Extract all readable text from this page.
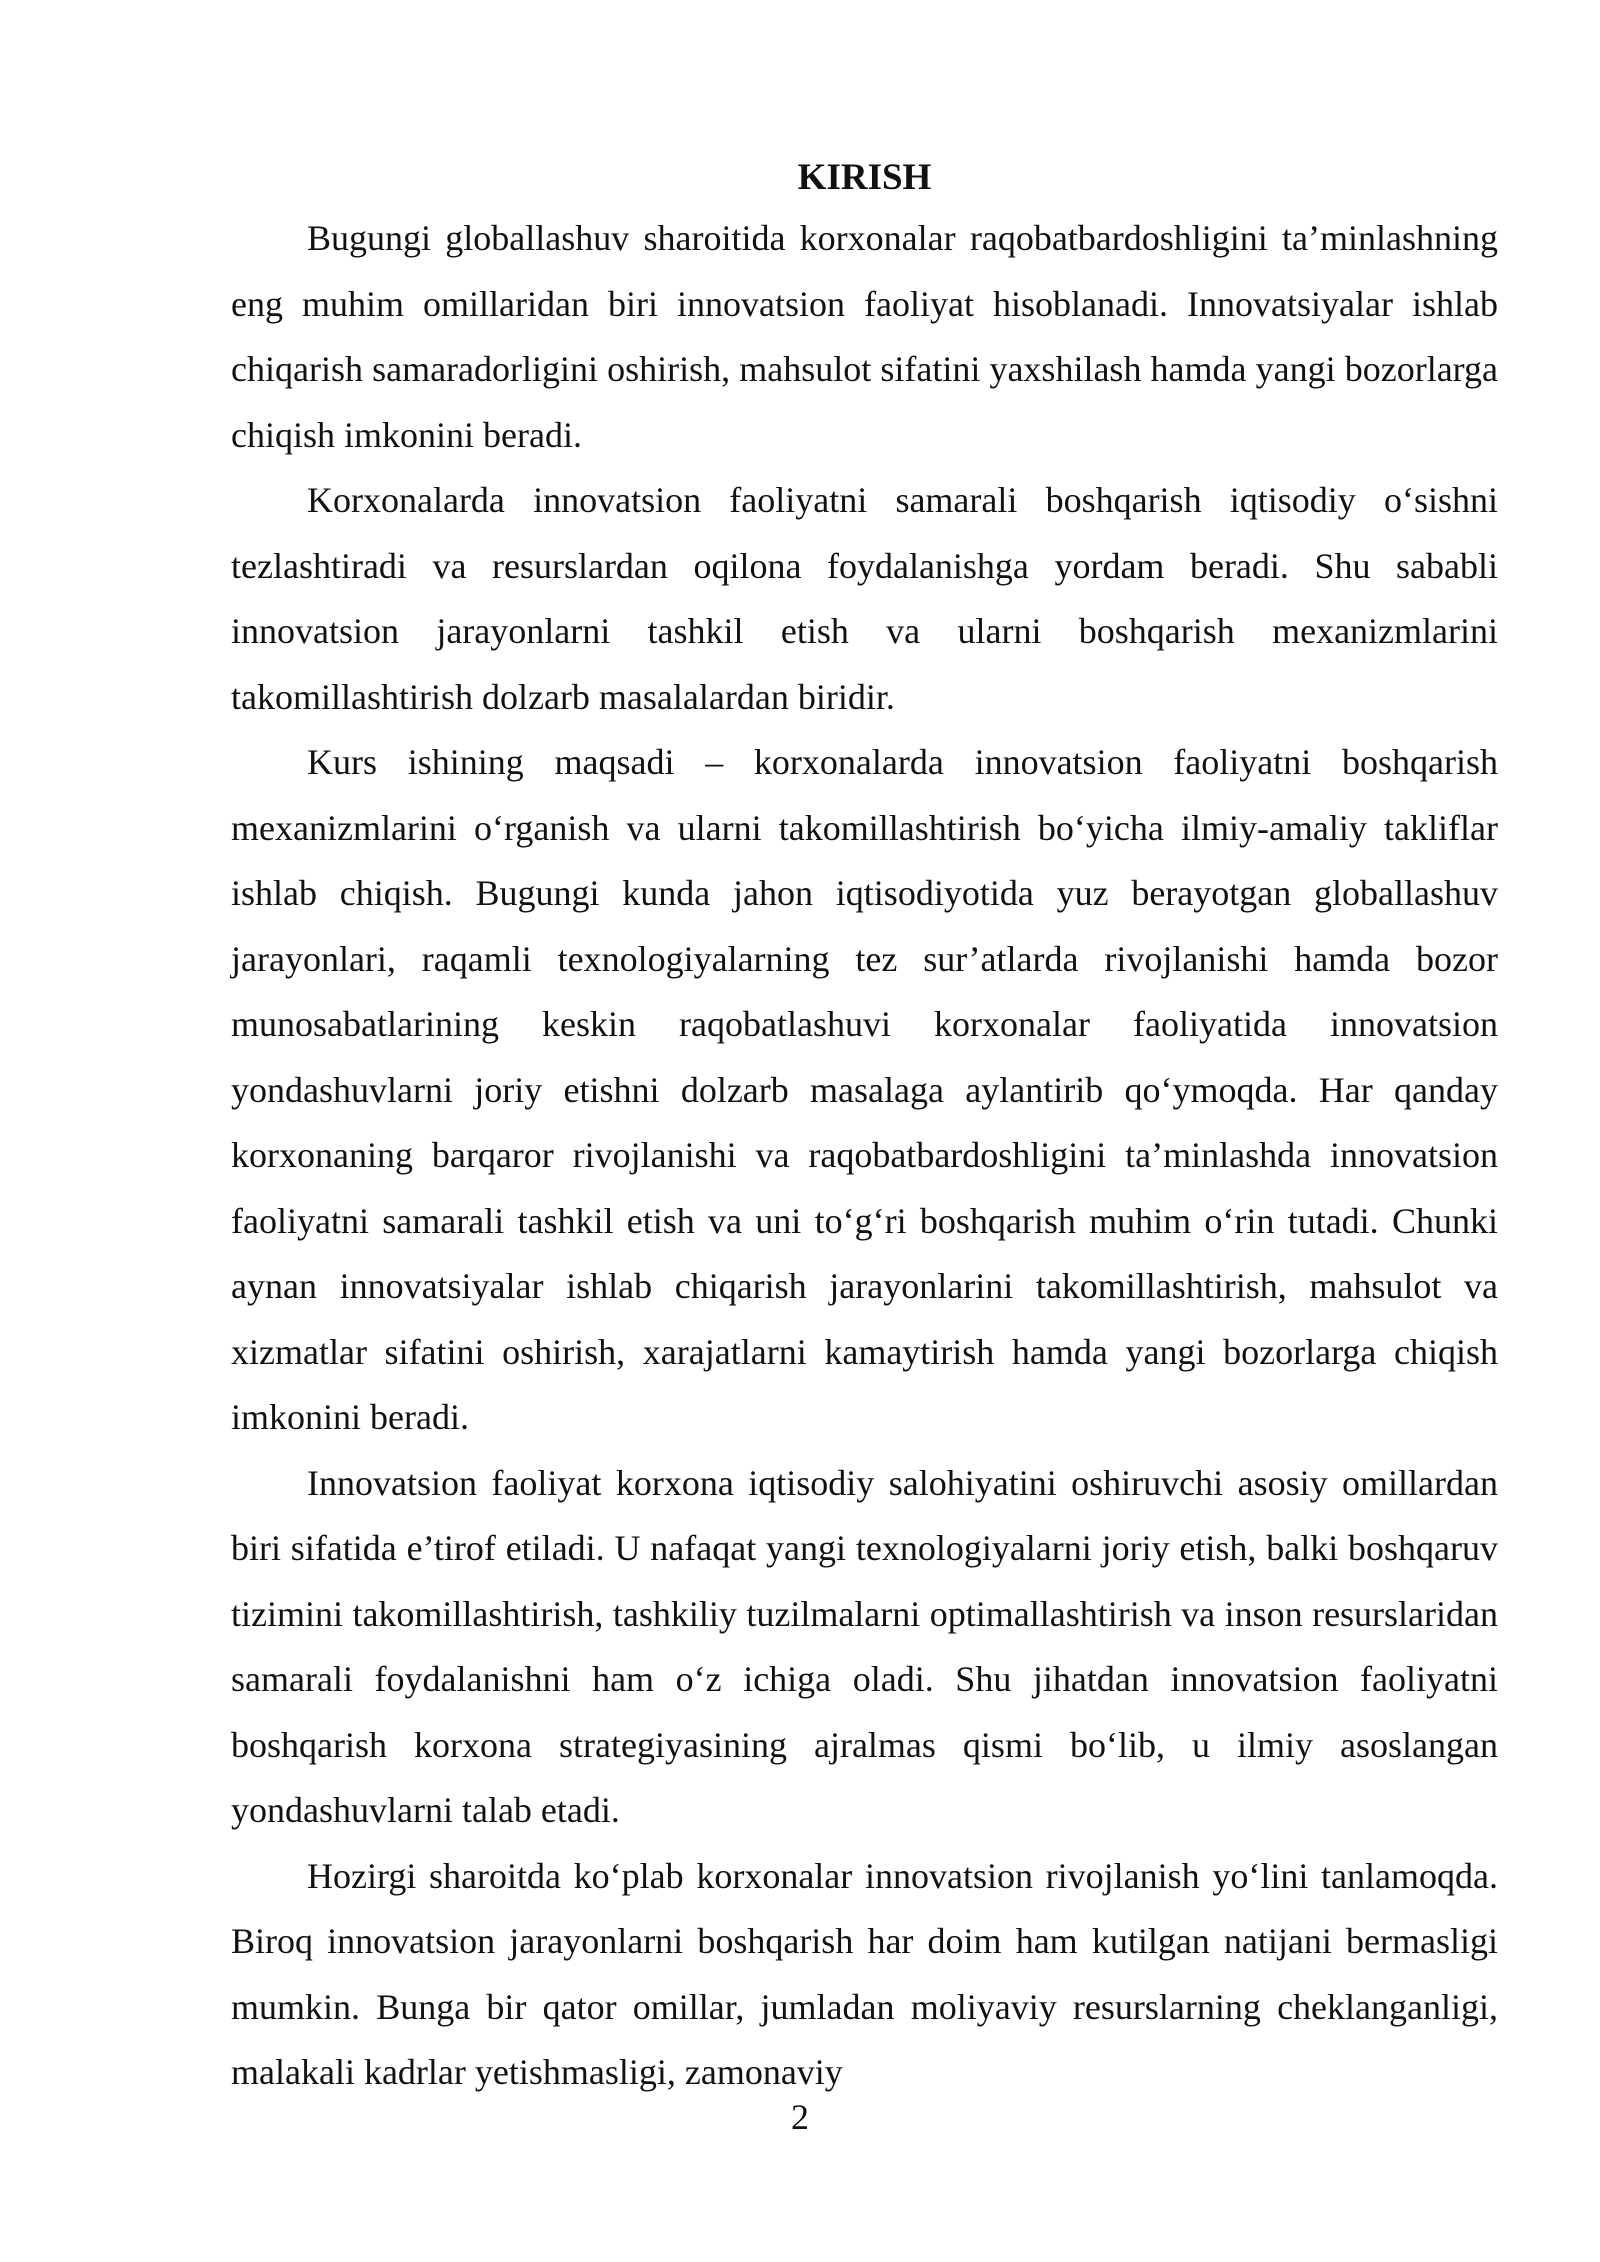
KIRISH

Bugungi globallashuv sharoitida korxonalar raqobatbardoshligini ta’minlashning eng muhim omillaridan biri innovatsion faoliyat hisoblanadi. Innovatsiyalar ishlab chiqarish samaradorligini oshirish, mahsulot sifatini yaxshilash hamda yangi bozorlarga chiqish imkonini beradi.

Korxonalarda innovatsion faoliyatni samarali boshqarish iqtisodiy o‘sishni tezlashtiradi va resurslardan oqilona foydalanishga yordam beradi. Shu sababli innovatsion jarayonlarni tashkil etish va ularni boshqarish mexanizmlarini takomillashtirish dolzarb masalalardan biridir.

Kurs ishining maqsadi – korxonalarda innovatsion faoliyatni boshqarish mexanizmlarini o‘rganish va ularni takomillashtirish bo‘yicha ilmiy-amaliy takliflar ishlab chiqish. Bugungi kunda jahon iqtisodiyotida yuz berayotgan globallashuv jarayonlari, raqamli texnologiyalarning tez sur’atlarda rivojlanishi hamda bozor munosabatlarining keskin raqobatlashuvi korxonalar faoliyatida innovatsion yondashuvlarni joriy etishni dolzarb masalaga aylantirib qo‘ymoqda. Har qanday korxonaning barqaror rivojlanishi va raqobatbardoshligini ta’minlashda innovatsion faoliyatni samarali tashkil etish va uni to‘g‘ri boshqarish muhim o‘rin tutadi. Chunki aynan innovatsiyalar ishlab chiqarish jarayonlarini takomillashtirish, mahsulot va xizmatlar sifatini oshirish, xarajatlarni kamaytirish hamda yangi bozorlarga chiqish imkonini beradi.

Innovatsion faoliyat korxona iqtisodiy salohiyatini oshiruvchi asosiy omillardan biri sifatida e’tirof etiladi. U nafaqat yangi texnologiyalarni joriy etish, balki boshqaruv tizimini takomillashtirish, tashkiliy tuzilmalarni optimallashtirish va inson resurslaridan samarali foydalanishni ham o‘z ichiga oladi. Shu jihatdan innovatsion faoliyatni boshqarish korxona strategiyasining ajralmas qismi bo‘lib, u ilmiy asoslangan yondashuvlarni talab etadi.

Hozirgi sharoitda ko‘plab korxonalar innovatsion rivojlanish yo‘lini tanlamoqda. Biroq innovatsion jarayonlarni boshqarish har doim ham kutilgan natijani bermasligi mumkin. Bunga bir qator omillar, jumladan moliyaviy resurslarning cheklanganligi, malakali kadrlar yetishmasligi, zamonaviy

2
